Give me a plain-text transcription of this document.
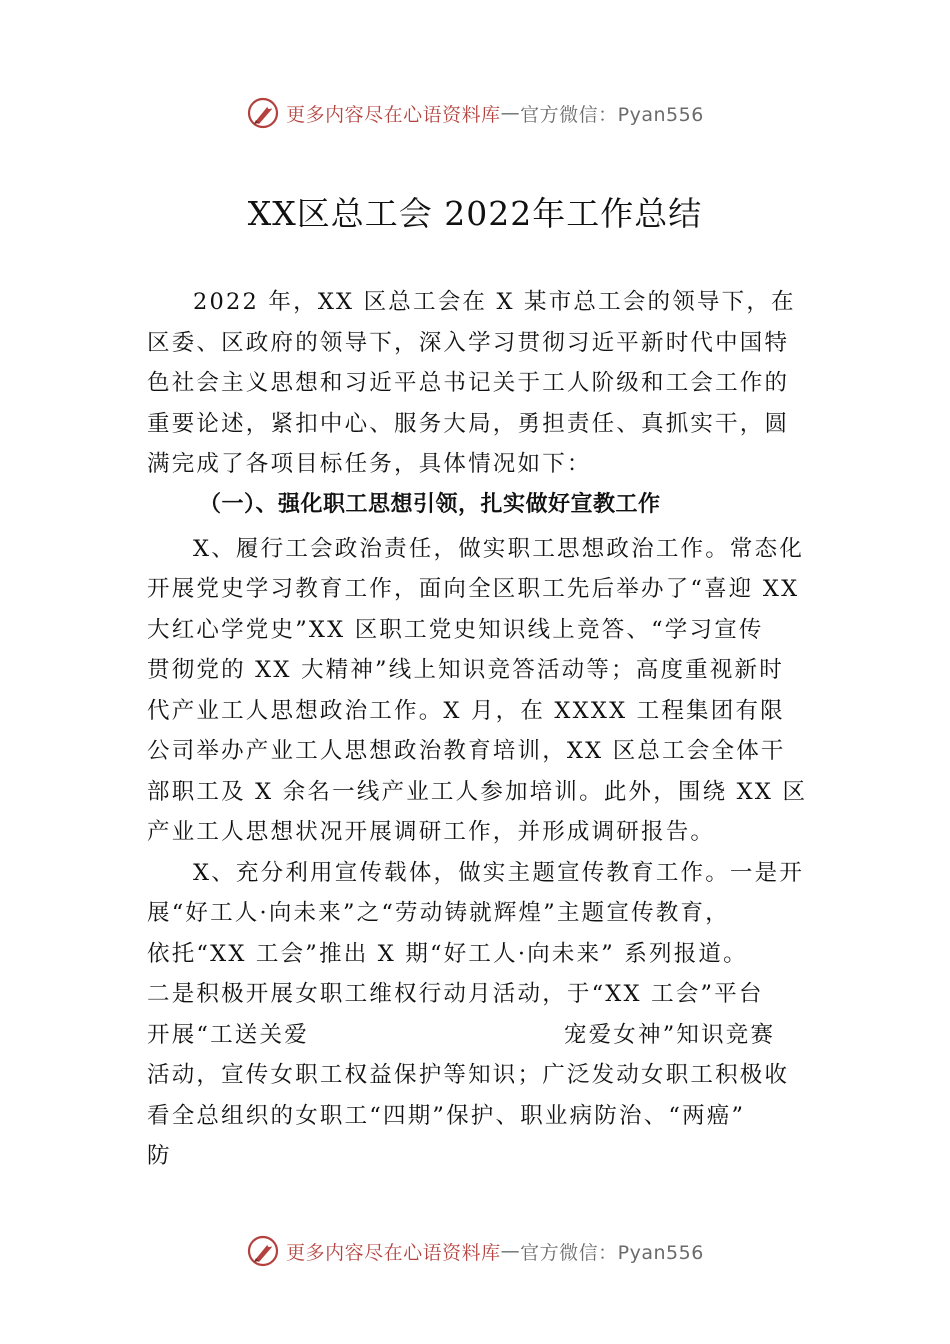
更多内容尽在心语资料库 — 官方微信：Pyan556
XX区总工会 2022年工作总结

2022 年，XX 区总工会在 X 某市总工会的领导下，在
区委、区政府的领导下，深入学习贯彻习近平新时代中国特
色社会主义思想和习近平总书记关于工人阶级和工会工作的
重要论述，紧扣中心、服务大局，勇担责任、真抓实干，圆
满完成了各项目标任务，具体情况如下：

（一）、强化职工思想引领，扎实做好宣教工作

X、履行工会政治责任，做实职工思想政治工作。常态化
开展党史学习教育工作，面向全区职工先后举办了“喜迎 XX
大红心学党史”XX 区职工党史知识线上竞答、“学习宣传
贯彻党的 XX 大精神”线上知识竞答活动等；高度重视新时
代产业工人思想政治工作。X 月，在 XXXX 工程集团有限
公司举办产业工人思想政治教育培训，XX 区总工会全体干
部职工及 X 余名一线产业工人参加培训。此外，围绕 XX 区
产业工人思想状况开展调研工作，并形成调研报告。

X、充分利用宣传载体，做实主题宣传教育工作。一是开
展“好工人·向未来”之“劳动铸就辉煌”主题宣传教育，
依托“XX 工会”推出 X 期“好工人·向未来” 系列报道。
二是积极开展女职工维权行动月活动，于“XX 工会”平台
开展“工送关爱	宠爱女神”知识竞赛
活动，宣传女职工权益保护等知识；广泛发动女职工积极收
看全总组织的女职工“四期”保护、职业病防治、“两癌”
防

更多内容尽在心语资料库 — 官方微信：Pyan556
